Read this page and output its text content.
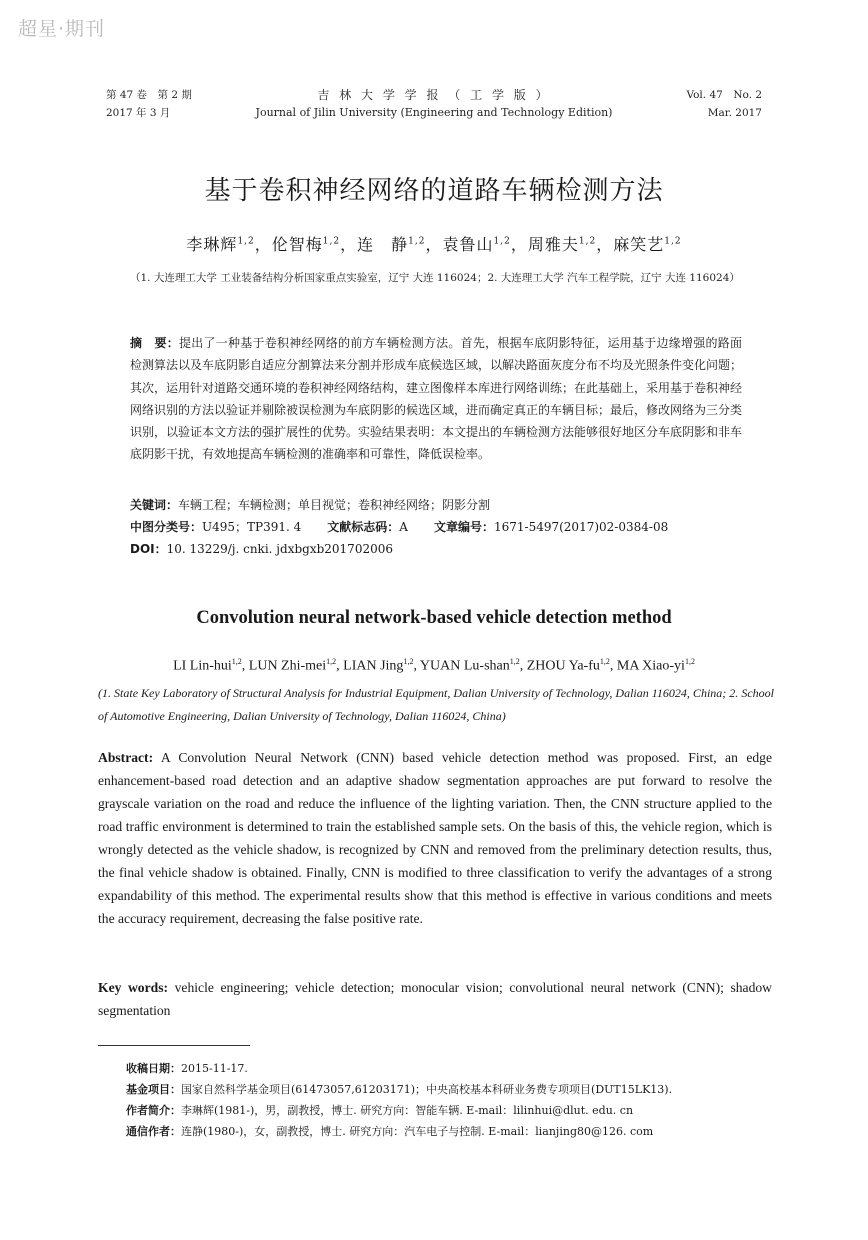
超星·期刊
第 47 卷　第 2 期
2017 年 3 月
吉 林 大 学 学 报 （ 工 学 版 ）
Journal of Jilin University (Engineering and Technology Edition)
Vol. 47　No. 2
Mar. 2017
基于卷积神经网络的道路车辆检测方法
李琳辉$^{1,2}$，伦智梅$^{1,2}$，连　静$^{1,2}$，袁鲁山$^{1,2}$，周雅夫$^{1,2}$，麻笑艺$^{1,2}$
（1. 大连理工大学 工业装备结构分析国家重点实验室，辽宁 大连 116024；2. 大连理工大学 汽车工程学院，辽宁 大连 116024）
摘　要：提出了一种基于卷积神经网络的前方车辆检测方法。首先，根据车底阴影特征，运用基于边缘增强的路面检测算法以及车底阴影自适应分割算法来分割并形成车底候选区域，以解决路面灰度分布不均及光照条件变化问题；其次，运用针对道路交通环境的卷积神经网络结构，建立图像样本库进行网络训练；在此基础上，采用基于卷积神经网络识别的方法以验证并剔除被误检测为车底阴影的候选区域，进而确定真正的车辆目标；最后，修改网络为三分类识别，以验证本文方法的强扩展性的优势。实验结果表明：本文提出的车辆检测方法能够很好地区分车底阴影和非车底阴影干扰，有效地提高车辆检测的准确率和可靠性，降低误检率。
关键词：车辆工程；车辆检测；单目视觉；卷积神经网络；阴影分割
中图分类号：U495；TP391. 4 文献标志码：A 文章编号：1671-5497(2017)02-0384-08
DOI：10. 13229/j. cnki. jdxbgxb201702006
Convolution neural network-based vehicle detection method
LI Lin-hui$^{1,2}$, LUN Zhi-mei$^{1,2}$, LIAN Jing$^{1,2}$, YUAN Lu-shan$^{1,2}$, ZHOU Ya-fu$^{1,2}$, MA Xiao-yi$^{1,2}$
(1. State Key Laboratory of Structural Analysis for Industrial Equipment, Dalian University of Technology, Dalian 116024, China; 2. School of Automotive Engineering, Dalian University of Technology, Dalian 116024, China)
Abstract: A Convolution Neural Network (CNN) based vehicle detection method was proposed. First, an edge enhancement-based road detection and an adaptive shadow segmentation approaches are put forward to resolve the grayscale variation on the road and reduce the influence of the lighting variation. Then, the CNN structure applied to the road traffic environment is determined to train the established sample sets. On the basis of this, the vehicle region, which is wrongly detected as the vehicle shadow, is recognized by CNN and removed from the preliminary detection results, thus, the final vehicle shadow is obtained. Finally, CNN is modified to three classification to verify the advantages of a strong expandability of this method. The experimental results show that this method is effective in various conditions and meets the accuracy requirement, decreasing the false positive rate.
Key words: vehicle engineering; vehicle detection; monocular vision; convolutional neural network (CNN); shadow segmentation
收稿日期：2015-11-17.
基金项目：国家自然科学基金项目(61473057,61203171)；中央高校基本科研业务费专项项目(DUT15LK13).
作者简介：李琳辉(1981-)，男，副教授，博士. 研究方向：智能车辆. E-mail：lilinhui@dlut. edu. cn
通信作者：连静(1980-)，女，副教授，博士. 研究方向：汽车电子与控制. E-mail：lianjing80@126. com
